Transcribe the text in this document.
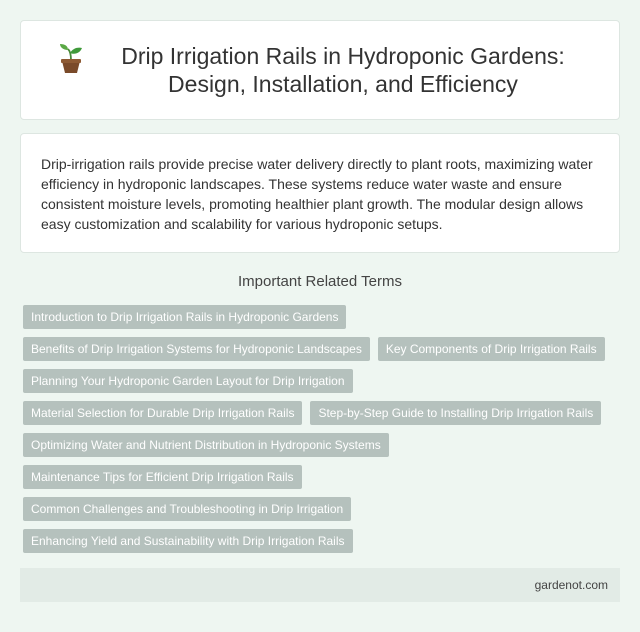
Drip Irrigation Rails in Hydroponic Gardens: Design, Installation, and Efficiency

Drip-irrigation rails provide precise water delivery directly to plant roots, maximizing water efficiency in hydroponic landscapes. These systems reduce water waste and ensure consistent moisture levels, promoting healthier plant growth. The modular design allows easy customization and scalability for various hydroponic setups.

Important Related Terms
Introduction to Drip Irrigation Rails in Hydroponic Gardens
Benefits of Drip Irrigation Systems for Hydroponic Landscapes	Key Components of Drip Irrigation Rails
Planning Your Hydroponic Garden Layout for Drip Irrigation
Material Selection for Durable Drip Irrigation Rails	Step-by-Step Guide to Installing Drip Irrigation Rails
Optimizing Water and Nutrient Distribution in Hydroponic Systems
Maintenance Tips for Efficient Drip Irrigation Rails
Common Challenges and Troubleshooting in Drip Irrigation
Enhancing Yield and Sustainability with Drip Irrigation Rails
gardenot.com
